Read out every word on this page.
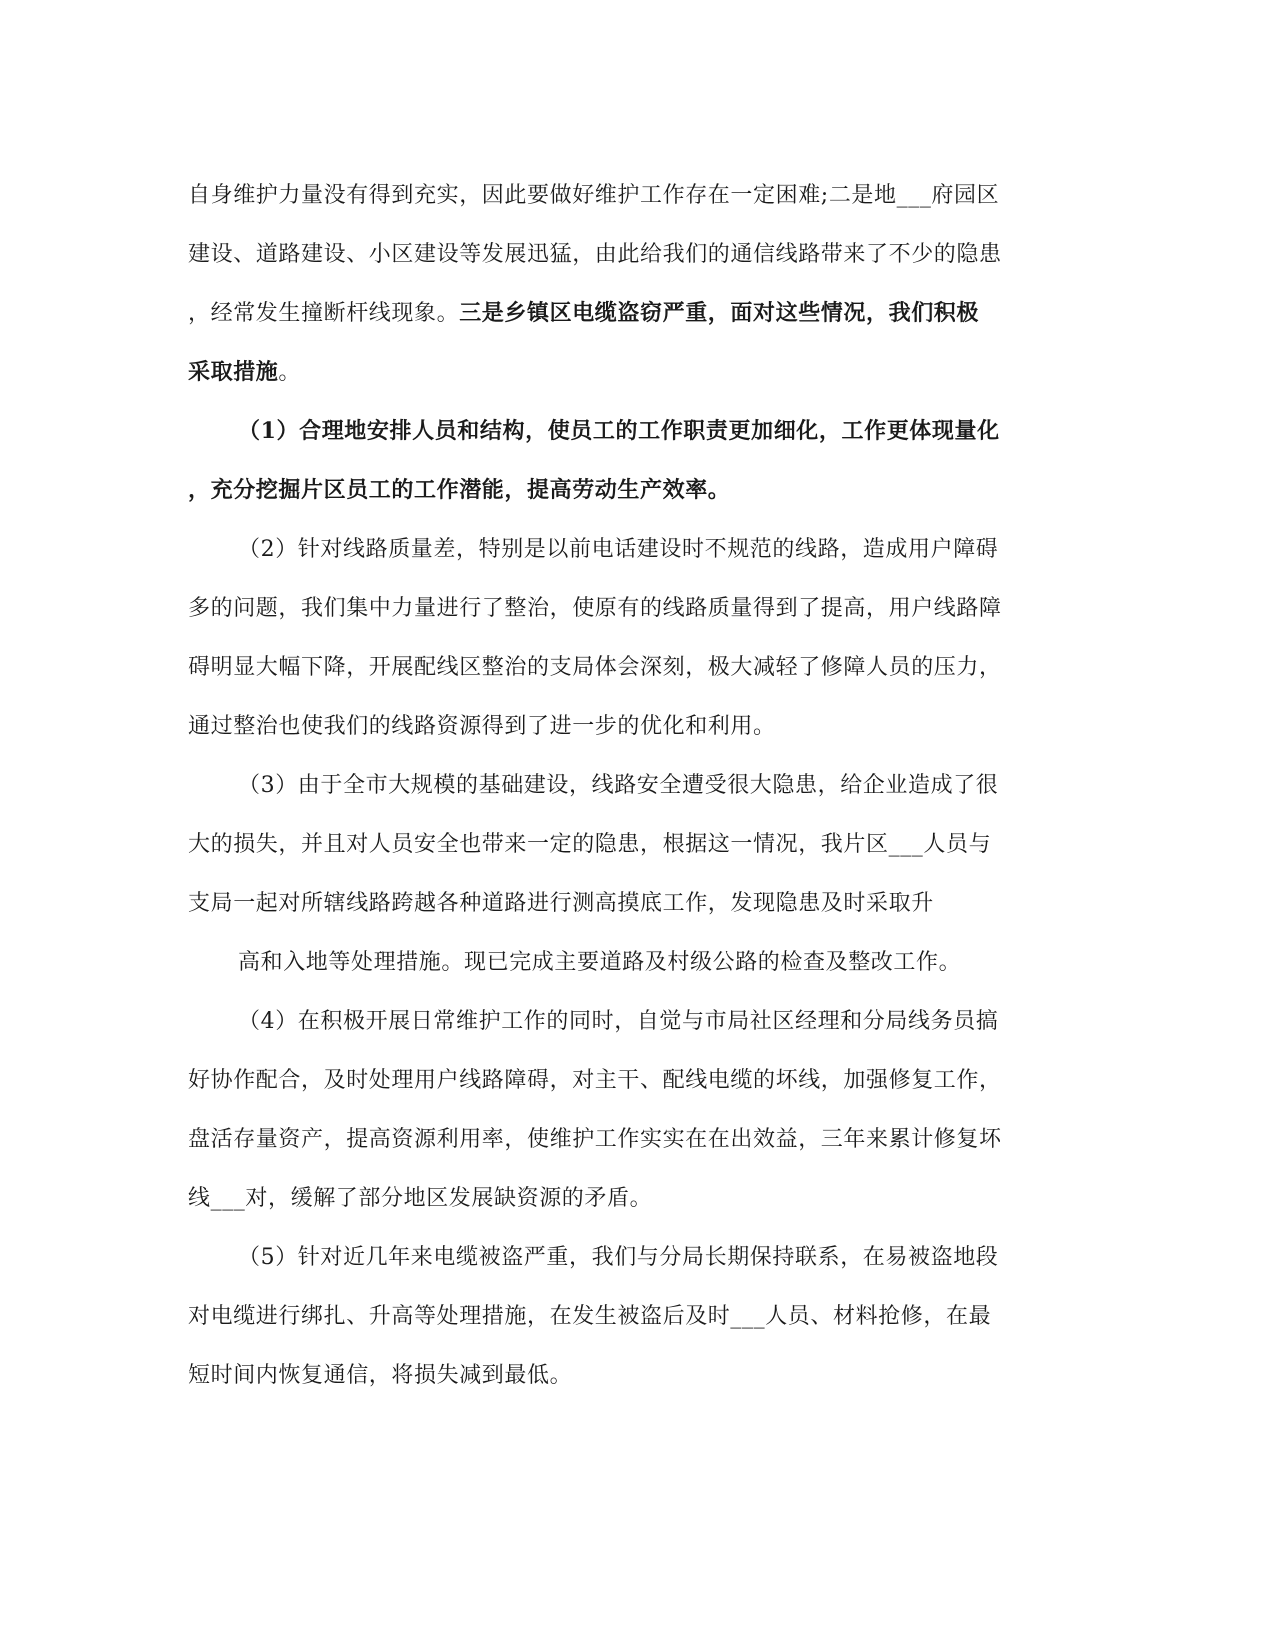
自身维护力量没有得到充实，因此要做好维护工作存在一定困难;二是地___府园区
建设、道路建设、小区建设等发展迅猛，由此给我们的通信线路带来了不少的隐患
，经常发生撞断杆线现象。三是乡镇区电缆盗窃严重，面对这些情况，我们积极
采取措施。
（1）合理地安排人员和结构，使员工的工作职责更加细化，工作更体现量化
，充分挖掘片区员工的工作潜能，提高劳动生产效率。
（2）针对线路质量差，特别是以前电话建设时不规范的线路，造成用户障碍
多的问题，我们集中力量进行了整治，使原有的线路质量得到了提高，用户线路障
碍明显大幅下降，开展配线区整治的支局体会深刻，极大减轻了修障人员的压力，
通过整治也使我们的线路资源得到了进一步的优化和利用。
（3）由于全市大规模的基础建设，线路安全遭受很大隐患，给企业造成了很
大的损失，并且对人员安全也带来一定的隐患，根据这一情况，我片区___人员与
支局一起对所辖线路跨越各种道路进行测高摸底工作，发现隐患及时采取升
高和入地等处理措施。现已完成主要道路及村级公路的检查及整改工作。
（4）在积极开展日常维护工作的同时，自觉与市局社区经理和分局线务员搞
好协作配合，及时处理用户线路障碍，对主干、配线电缆的坏线，加强修复工作，
盘活存量资产，提高资源利用率，使维护工作实实在在出效益，三年来累计修复坏
线___对，缓解了部分地区发展缺资源的矛盾。
（5）针对近几年来电缆被盗严重，我们与分局长期保持联系，在易被盗地段
对电缆进行绑扎、升高等处理措施，在发生被盗后及时___人员、材料抢修，在最
短时间内恢复通信，将损失减到最低。
